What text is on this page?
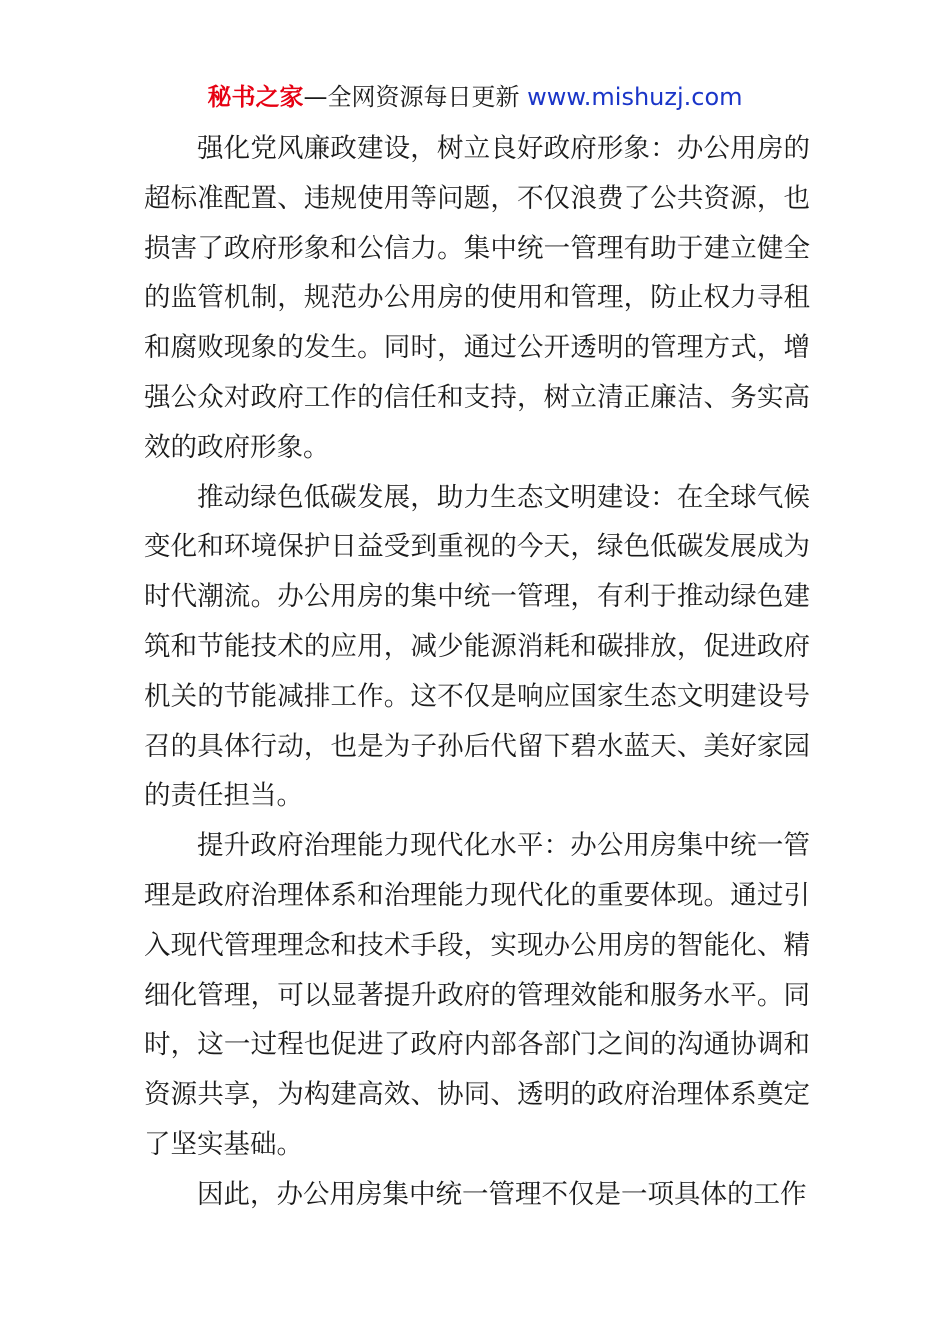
秘书之家—全网资源每日更新 www.mishuzj.com

强化党风廉政建设，树立良好政府形象：办公用房的超标准配置、违规使用等问题，不仅浪费了公共资源，也损害了政府形象和公信力。集中统一管理有助于建立健全的监管机制，规范办公用房的使用和管理，防止权力寻租和腐败现象的发生。同时，通过公开透明的管理方式，增强公众对政府工作的信任和支持，树立清正廉洁、务实高效的政府形象。

推动绿色低碳发展，助力生态文明建设：在全球气候变化和环境保护日益受到重视的今天，绿色低碳发展成为时代潮流。办公用房的集中统一管理，有利于推动绿色建筑和节能技术的应用，减少能源消耗和碳排放，促进政府机关的节能减排工作。这不仅是响应国家生态文明建设号召的具体行动，也是为子孙后代留下碧水蓝天、美好家园的责任担当。

提升政府治理能力现代化水平：办公用房集中统一管理是政府治理体系和治理能力现代化的重要体现。通过引入现代管理理念和技术手段，实现办公用房的智能化、精细化管理，可以显著提升政府的管理效能和服务水平。同时，这一过程也促进了政府内部各部门之间的沟通协调和资源共享，为构建高效、协同、透明的政府治理体系奠定了坚实基础。

因此，办公用房集中统一管理不仅是一项具体的工作
